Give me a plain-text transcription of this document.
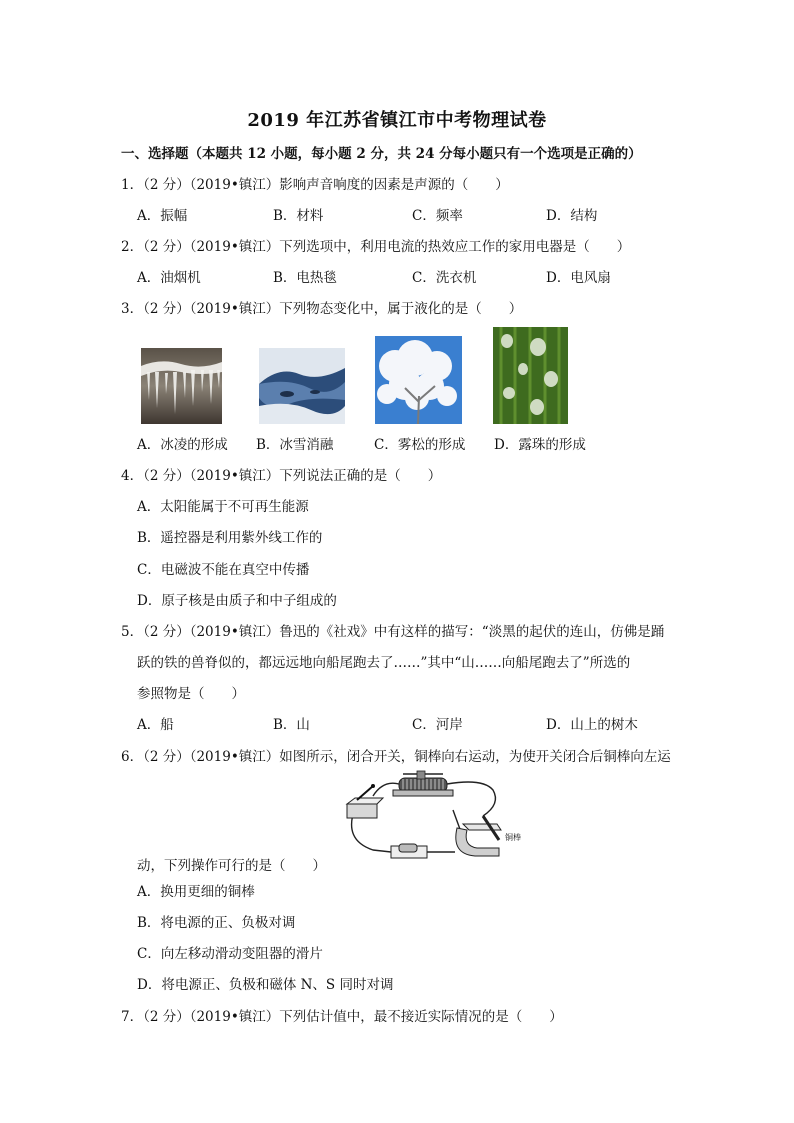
2019 年江苏省镇江市中考物理试卷
一、选择题（本题共 12 小题，每小题 2 分，共 24 分每小题只有一个选项是正确的）
1．（2 分）（2019•镇江）影响声音响度的因素是声源的（　　）
A．振幅	B．材料	C．频率	D．结构
2．（2 分）（2019•镇江）下列选项中，利用电流的热效应工作的家用电器是（　　）
A．油烟机	B．电热毯	C．洗衣机	D．电风扇
3．（2 分）（2019•镇江）下列物态变化中，属于液化的是（　　）
A．冰凌的形成 B．冰雪消融	C．雾松的形成 D．露珠的形成
4．（2 分）（2019•镇江）下列说法正确的是（　　）
A．太阳能属于不可再生能源
B．遥控器是利用紫外线工作的
C．电磁波不能在真空中传播
D．原子核是由质子和中子组成的
5．（2 分）（2019•镇江）鲁迅的《社戏》中有这样的描写：“淡黑的起伏的连山，仿佛是踊
跃的铁的兽脊似的，都远远地向船尾跑去了……”其中“山……向船尾跑去了”所选的
参照物是（　　）
A．船	B．山	C．河岸	D．山上的树木
6．（2 分）（2019•镇江）如图所示，闭合开关，铜棒向右运动，为使开关闭合后铜棒向左运
铜棒
动，下列操作可行的是（　　）
A．换用更细的铜棒
B．将电源的正、负极对调
C．向左移动滑动变阻器的滑片
D．将电源正、负极和磁体 N、S 同时对调
7．（2 分）（2019•镇江）下列估计值中，最不接近实际情况的是（　　）
